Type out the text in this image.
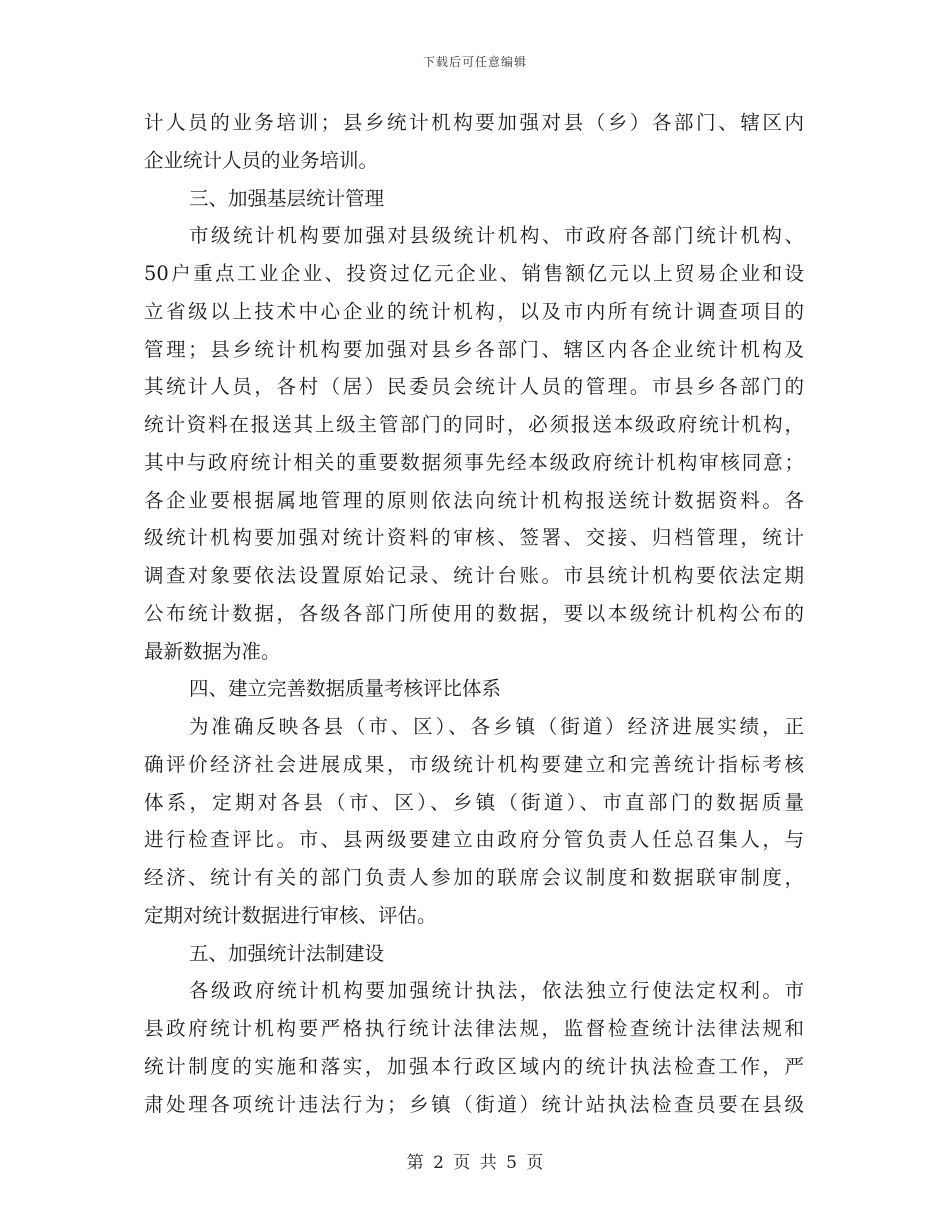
下载后可任意编辑
计人员的业务培训；县乡统计机构要加强对县（乡）各部门、辖区内
企业统计人员的业务培训。
三、加强基层统计管理
市级统计机构要加强对县级统计机构、市政府各部门统计机构、
50户重点工业企业、投资过亿元企业、销售额亿元以上贸易企业和设
立省级以上技术中心企业的统计机构，以及市内所有统计调查项目的
管理；县乡统计机构要加强对县乡各部门、辖区内各企业统计机构及
其统计人员，各村（居）民委员会统计人员的管理。市县乡各部门的
统计资料在报送其上级主管部门的同时，必须报送本级政府统计机构，
其中与政府统计相关的重要数据须事先经本级政府统计机构审核同意；
各企业要根据属地管理的原则依法向统计机构报送统计数据资料。各
级统计机构要加强对统计资料的审核、签署、交接、归档管理，统计
调查对象要依法设置原始记录、统计台账。市县统计机构要依法定期
公布统计数据，各级各部门所使用的数据，要以本级统计机构公布的
最新数据为准。
四、建立完善数据质量考核评比体系
为准确反映各县（市、区）、各乡镇（街道）经济进展实绩，正
确评价经济社会进展成果，市级统计机构要建立和完善统计指标考核
体系，定期对各县（市、区）、乡镇（街道）、市直部门的数据质量
进行检查评比。市、县两级要建立由政府分管负责人任总召集人，与
经济、统计有关的部门负责人参加的联席会议制度和数据联审制度，
定期对统计数据进行审核、评估。
五、加强统计法制建设
各级政府统计机构要加强统计执法，依法独立行使法定权利。市
县政府统计机构要严格执行统计法律法规，监督检查统计法律法规和
统计制度的实施和落实，加强本行政区域内的统计执法检查工作，严
肃处理各项统计违法行为；乡镇（街道）统计站执法检查员要在县级
第 2 页 共 5 页
